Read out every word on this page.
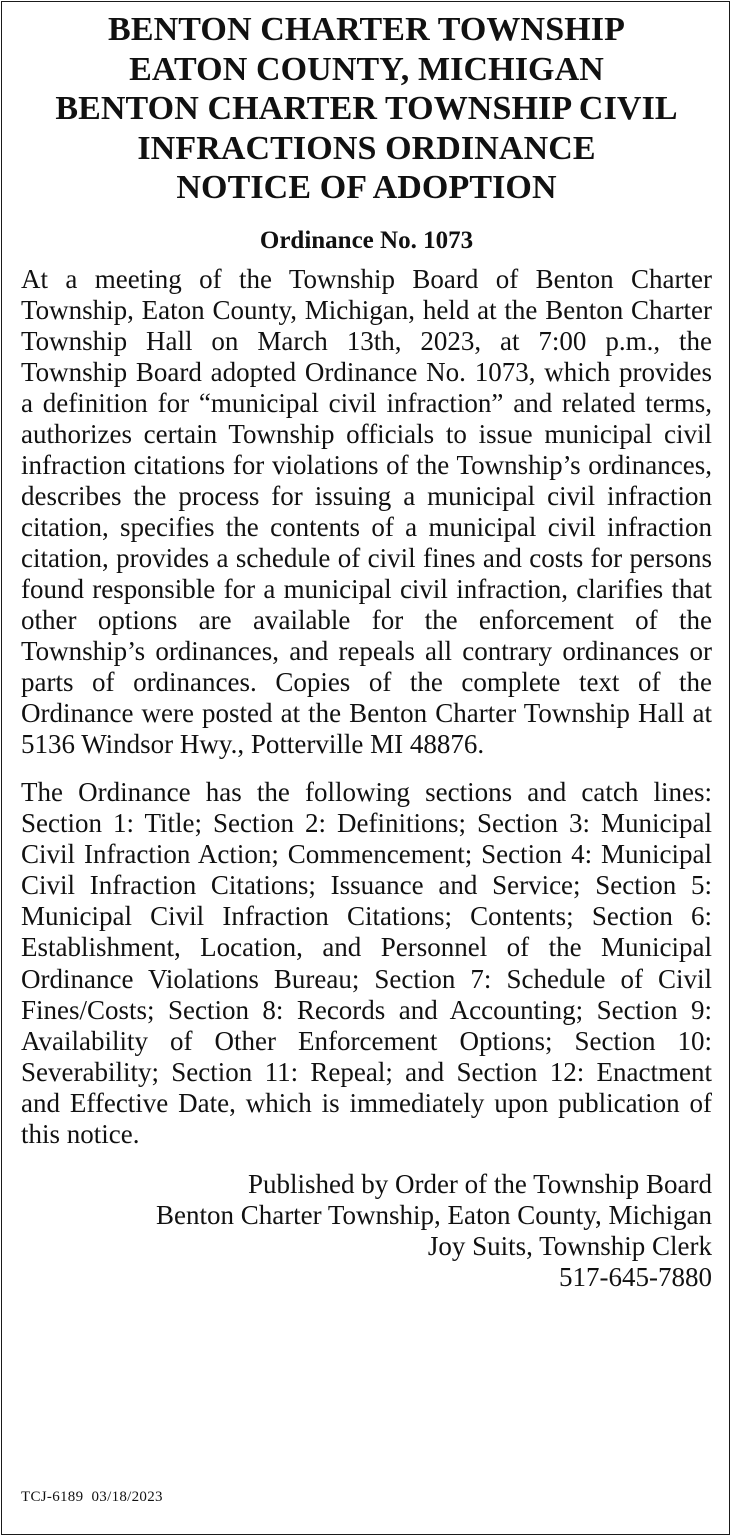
BENTON CHARTER TOWNSHIP
EATON COUNTY, MICHIGAN
BENTON CHARTER TOWNSHIP CIVIL
INFRACTIONS ORDINANCE
NOTICE OF ADOPTION
Ordinance No. 1073

At a meeting of the Township Board of Benton Charter Township, Eaton County, Michigan, held at the Benton Charter Township Hall on March 13th, 2023, at 7:00 p.m., the Township Board adopted Ordinance No. 1073, which provides a definition for “municipal civil infraction” and related terms, authorizes certain Township officials to issue municipal civil infraction citations for violations of the Township’s ordinances, describes the process for issuing a municipal civil infraction citation, specifies the contents of a municipal civil infraction citation, provides a schedule of civil fines and costs for persons found responsible for a municipal civil infraction, clarifies that other options are available for the enforcement of the Township’s ordinances, and repeals all contrary ordinances or parts of ordinances. Copies of the complete text of the Ordinance were posted at the Benton Charter Township Hall at 5136 Windsor Hwy., Potterville MI 48876.

The Ordinance has the following sections and catch lines: Section 1: Title; Section 2: Definitions; Section 3: Municipal Civil Infraction Action; Commencement; Section 4: Municipal Civil Infraction Citations; Issuance and Service; Section 5: Municipal Civil Infraction Citations; Contents; Section 6: Establishment, Location, and Personnel of the Municipal Ordinance Violations Bureau; Section 7: Schedule of Civil Fines/Costs; Section 8: Records and Accounting; Section 9: Availability of Other Enforcement Options; Section 10: Severability; Section 11: Repeal; and Section 12: Enactment and Effective Date, which is immediately upon publication of this notice.

Published by Order of the Township Board
Benton Charter Township, Eaton County, Michigan
Joy Suits, Township Clerk
517-645-7880
TCJ-6189  03/18/2023
